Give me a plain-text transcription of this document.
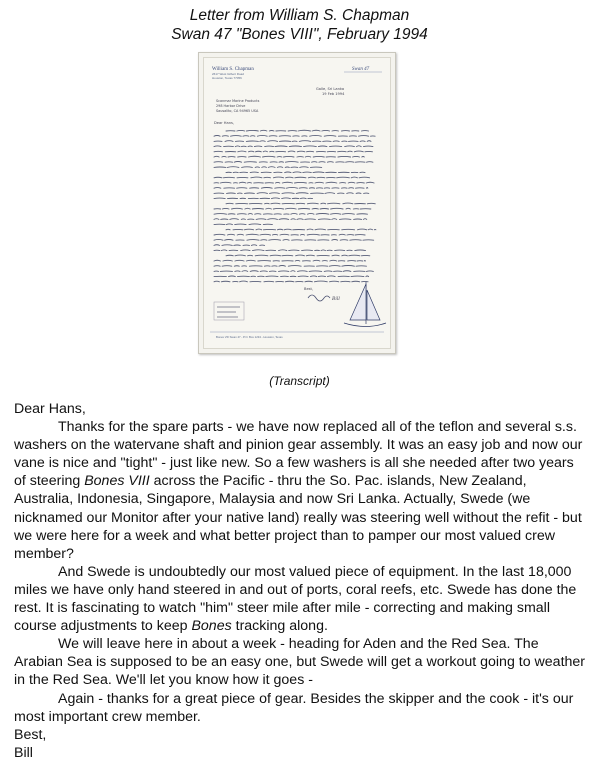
Letter from William S. Chapman
Swan 47 "Bones VIII", February 1994
William S. Chapman
2617 West Gilbert Road
Houston, Texas 77056
Swan 47
Galle, Sri Lanka
19 Feb 1994
Scanmar Marine Products
298 Harbor Drive
Sausalito, CA 94965 USA
Dear Hans,
Best,
Bill
Bones VIII Swan 47 - P.O. Box 1234 - Houston, Texas
(Transcript)

Dear Hans,

Thanks for the spare parts - we have now replaced all of the teflon and several s.s. washers on the watervane shaft and pinion gear assembly. It was an easy job and now our vane is nice and "tight" - just like new. So a few washers is all she needed after two years of steering Bones VIII across the Pacific - thru the So. Pac. islands, New Zealand, Australia, Indonesia, Singapore, Malaysia and now Sri Lanka. Actually, Swede (we nicknamed our Monitor after your native land) really was steering well without the refit - but we were here for a week and what better project than to pamper our most valued crew member?

And Swede is undoubtedly our most valued piece of equipment. In the last 18,000 miles we have only hand steered in and out of ports, coral reefs, etc. Swede has done the rest. It is fascinating to watch "him" steer mile after mile - correcting and making small course adjustments to keep Bones tracking along.

We will leave here in about a week - heading for Aden and the Red Sea. The Arabian Sea is supposed to be an easy one, but Swede will get a workout going to weather in the Red Sea. We'll let you know how it goes -

Again - thanks for a great piece of gear. Besides the skipper and the cook - it's our most important crew member.

Best,

Bill
